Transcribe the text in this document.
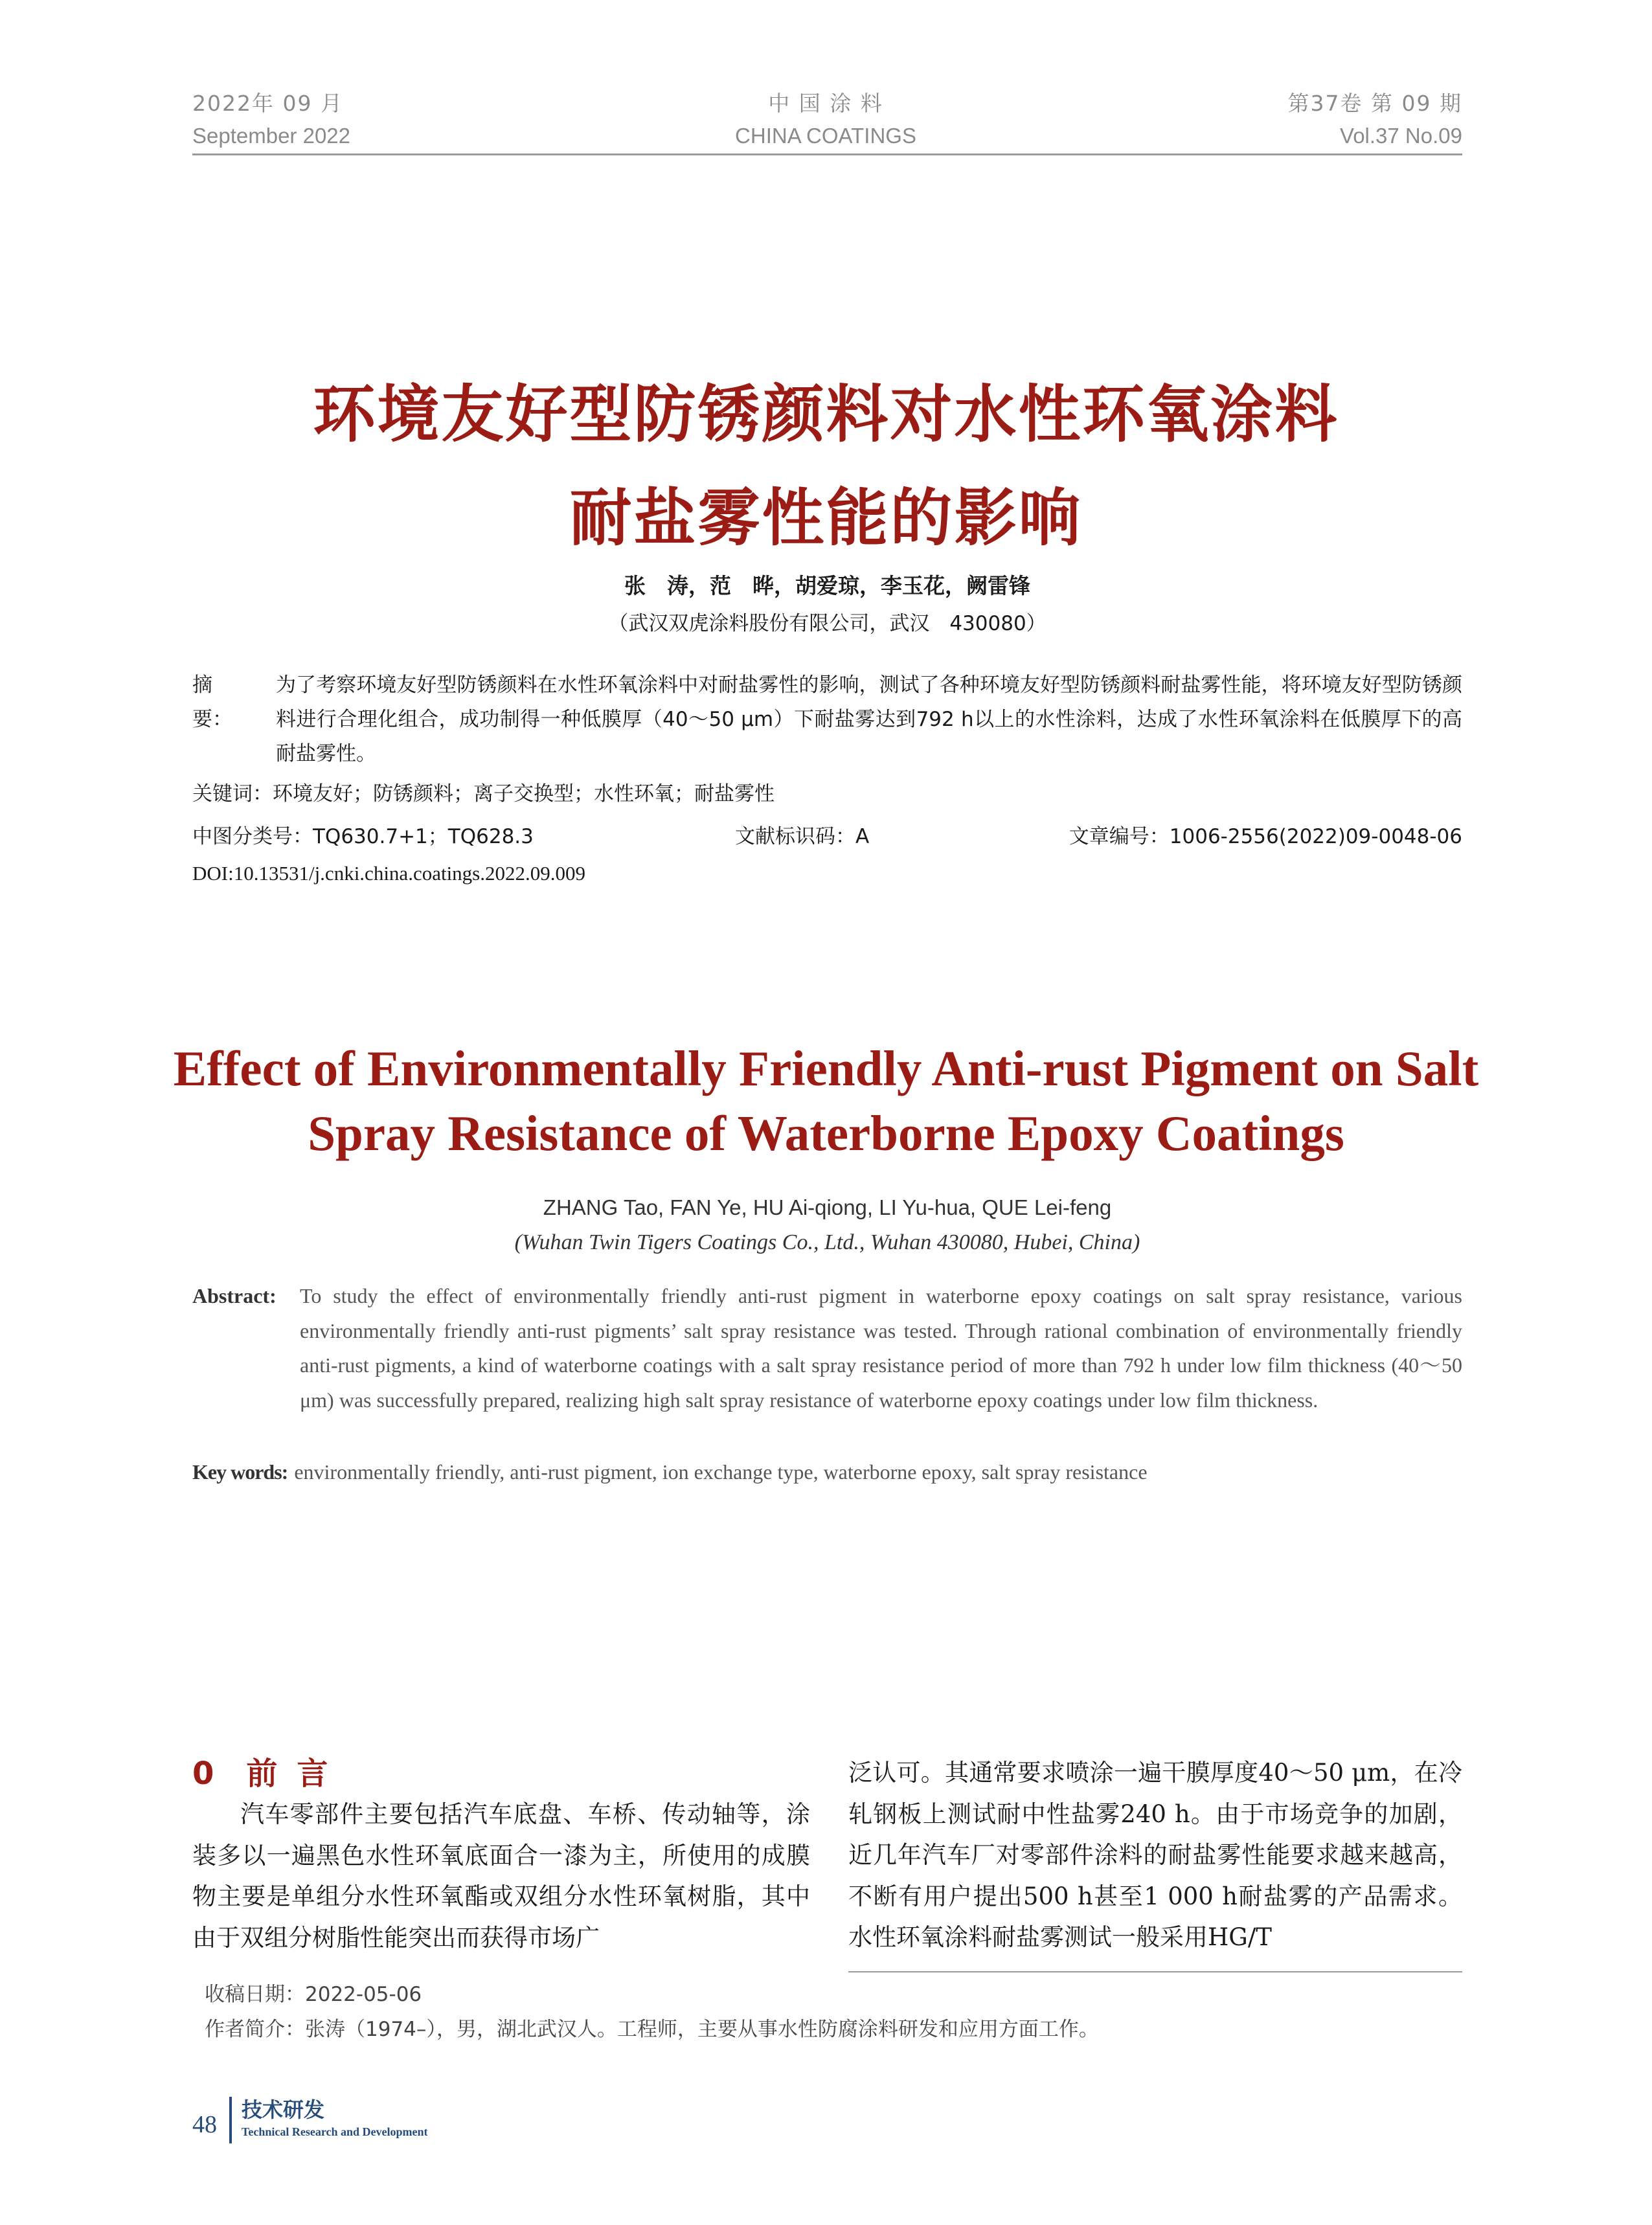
2022年 09 月
September 2022
中 国 涂 料
CHINA COATINGS
第37卷 第 09 期
Vol.37 No.09
环境友好型防锈颜料对水性环氧涂料
耐盐雾性能的影响
张　涛，范　晔，胡爱琼，李玉花，阙雷锋
（武汉双虎涂料股份有限公司，武汉　430080）
摘　要：
为了考察环境友好型防锈颜料在水性环氧涂料中对耐盐雾性的影响，测试了各种环境友好型防锈颜料耐盐雾性能，将环境友好型防锈颜料进行合理化组合，成功制得一种低膜厚（40～50 μm）下耐盐雾达到792 h以上的水性涂料，达成了水性环氧涂料在低膜厚下的高耐盐雾性。
关键词：环境友好；防锈颜料；离子交换型；水性环氧；耐盐雾性
中图分类号：TQ630.7+1；TQ628.3	文献标识码：A	文章编号：1006-2556(2022)09-0048-06
DOI:10.13531/j.cnki.china.coatings.2022.09.009
Effect of Environmentally Friendly Anti-rust Pigment on Salt
Spray Resistance of Waterborne Epoxy Coatings
ZHANG Tao, FAN Ye, HU Ai-qiong, LI Yu-hua, QUE Lei-feng
(Wuhan Twin Tigers Coatings Co., Ltd., Wuhan 430080, Hubei, China)
Abstract: To study the effect of environmentally friendly anti-rust pigment in waterborne epoxy coatings on salt spray resistance, various environmentally friendly anti-rust pigments’ salt spray resistance was tested. Through rational combination of environmentally friendly anti-rust pigments, a kind of waterborne coatings with a salt spray resistance period of more than 792 h under low film thickness (40～50 μm) was successfully prepared, realizing high salt spray resistance of waterborne epoxy coatings under low film thickness.
Key words: environmentally friendly, anti-rust pigment, ion exchange type, waterborne epoxy, salt spray resistance
0 前言
汽车零部件主要包括汽车底盘、车桥、传动轴等，涂装多以一遍黑色水性环氧底面合一漆为主，所使用的成膜物主要是单组分水性环氧酯或双组分水性环氧树脂，其中由于双组分树脂性能突出而获得市场广
泛认可。其通常要求喷涂一遍干膜厚度40～50 μm，在冷轧钢板上测试耐中性盐雾240 h。由于市场竞争的加剧，近几年汽车厂对零部件涂料的耐盐雾性能要求越来越高，不断有用户提出500 h甚至1 000 h耐盐雾的产品需求。水性环氧涂料耐盐雾测试一般采用HG/T
收稿日期：2022-05-06
作者简介：张涛（1974–），男，湖北武汉人。工程师，主要从事水性防腐涂料研发和应用方面工作。
48
技术研发
Technical Research and Development
